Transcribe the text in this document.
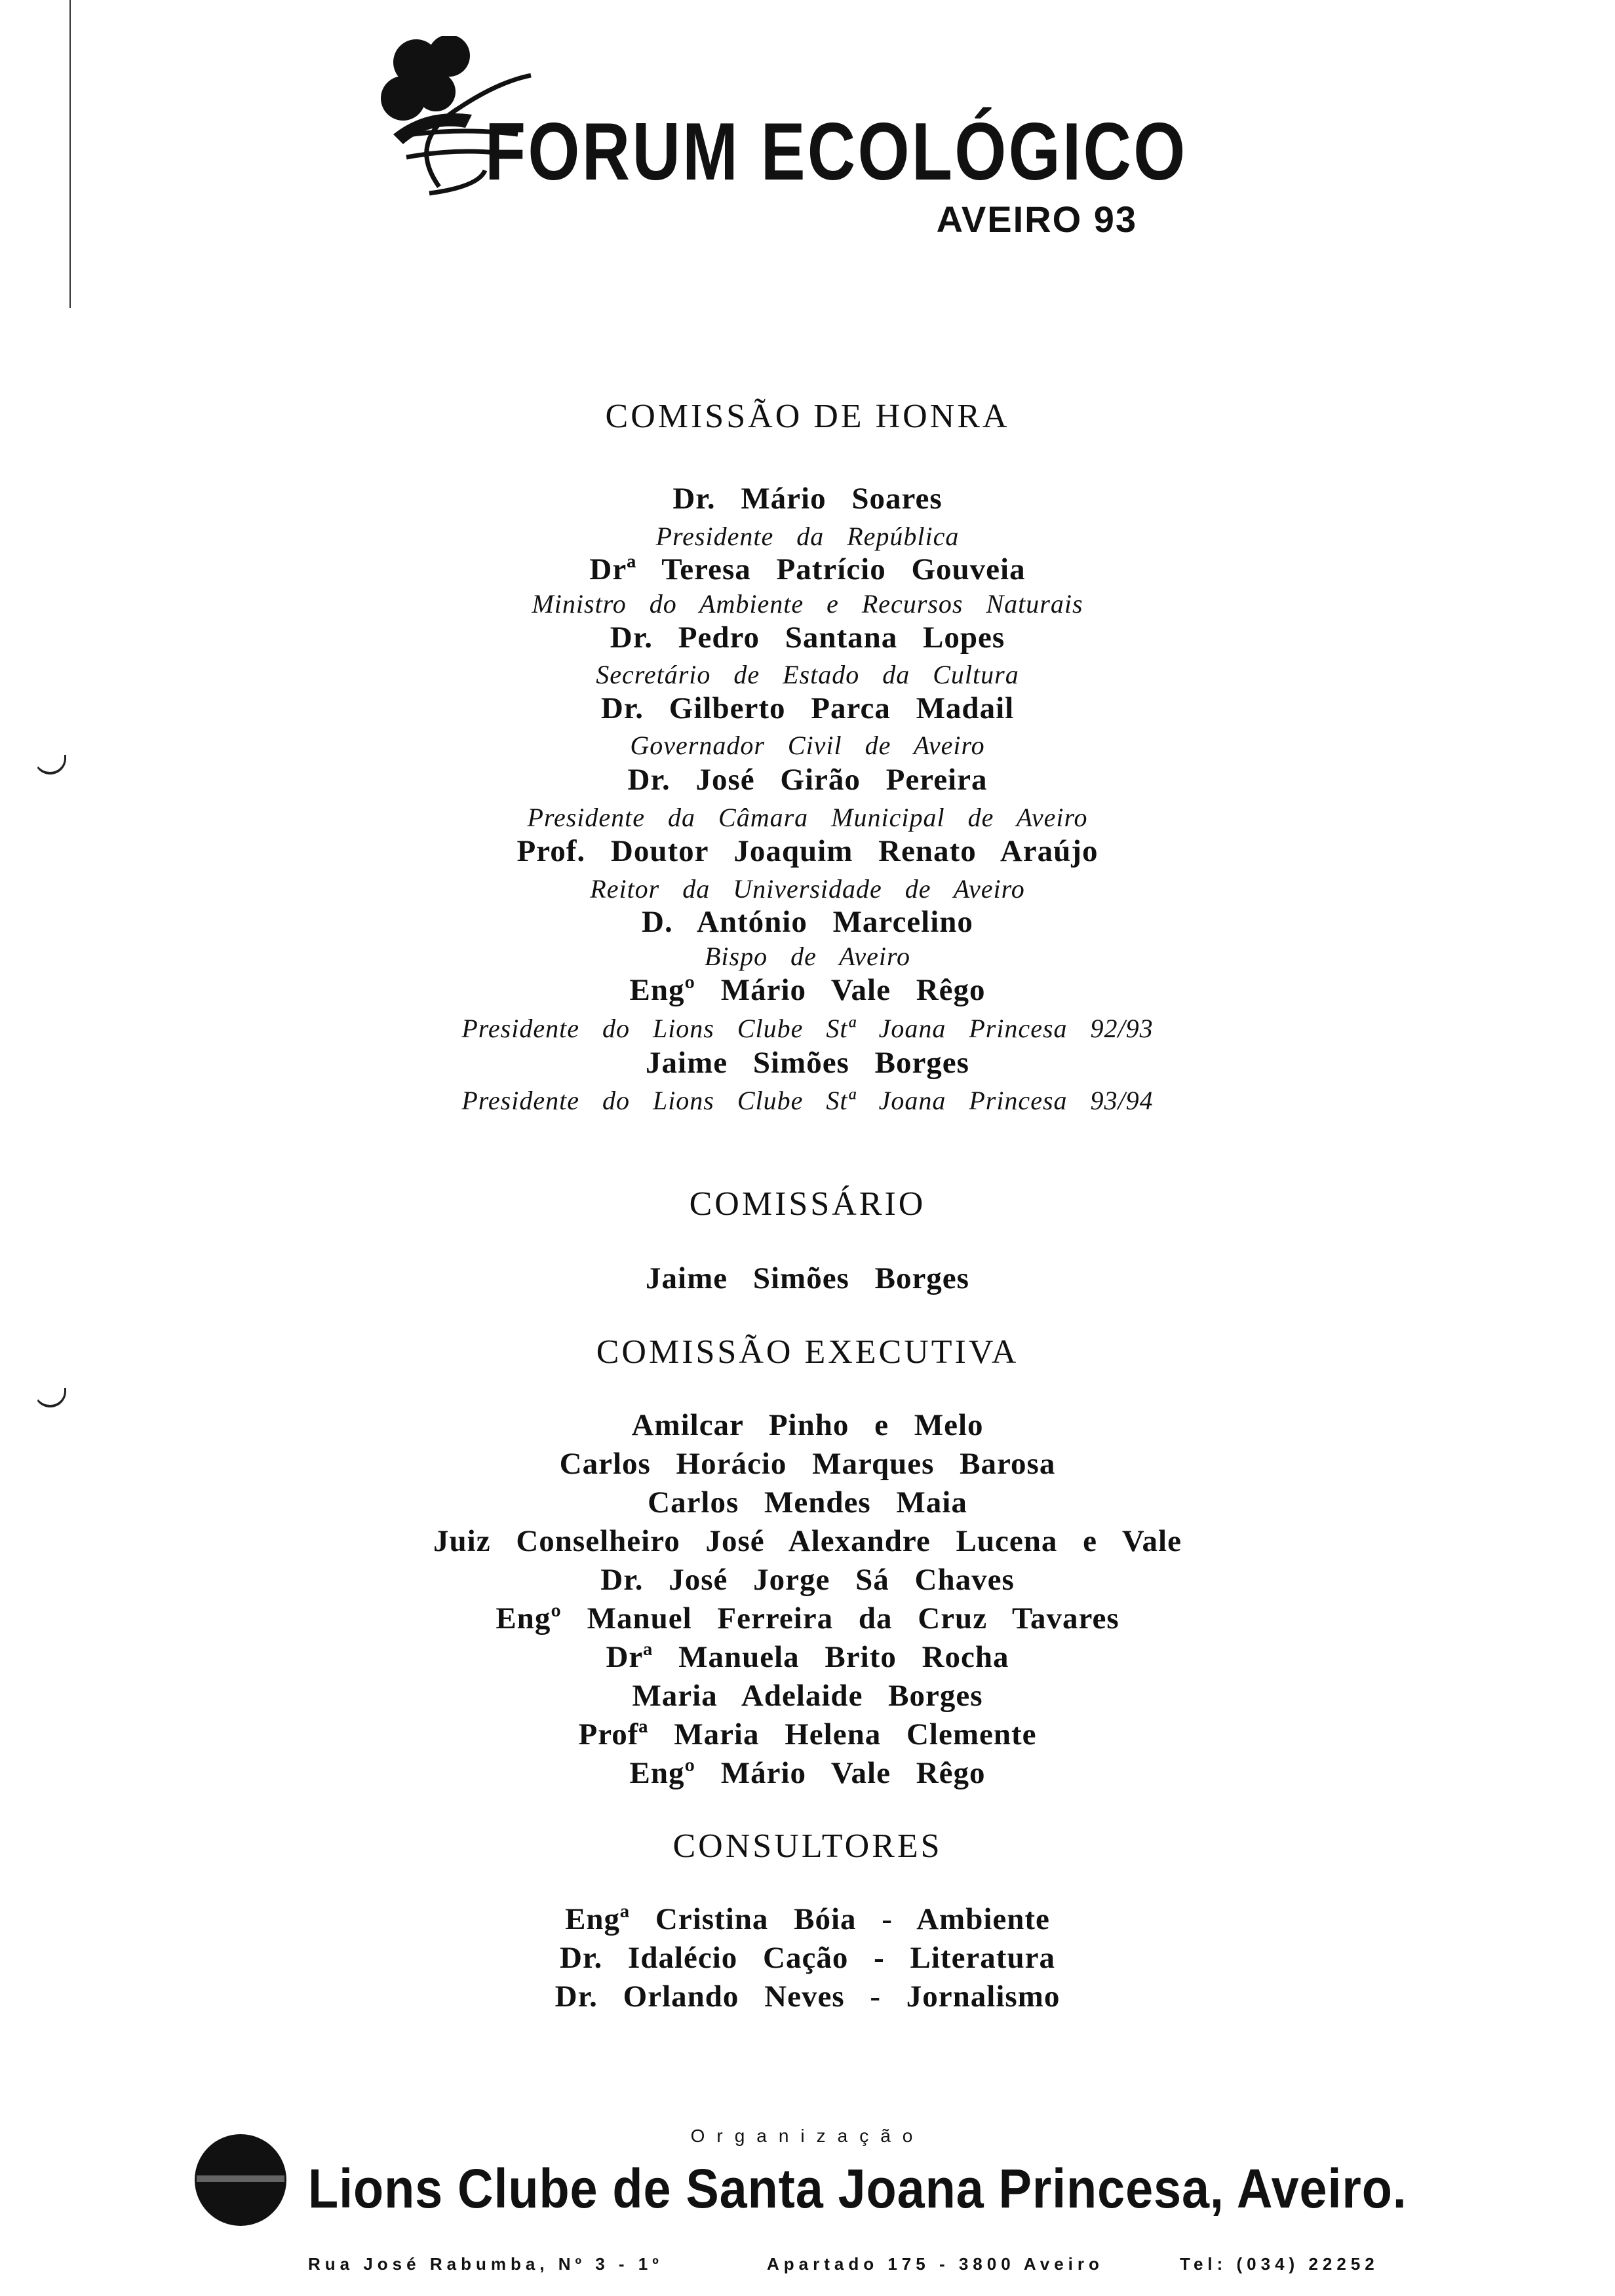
FORUM ECOLÓGICO
AVEIRO 93
COMISSÃO DE HONRA
Dr. Mário Soares
Presidente da República
Drª Teresa Patrício Gouveia
Ministro do Ambiente e Recursos Naturais
Dr. Pedro Santana Lopes
Secretário de Estado da Cultura
Dr. Gilberto Parca Madail
Governador Civil de Aveiro
Dr. José Girão Pereira
Presidente da Câmara Municipal de Aveiro
Prof. Doutor Joaquim Renato Araújo
Reitor da Universidade de Aveiro
D. António Marcelino
Bispo de Aveiro
Engº Mário Vale Rêgo
Presidente do Lions Clube Stª Joana Princesa 92/93
Jaime Simões Borges
Presidente do Lions Clube Stª Joana Princesa 93/94
COMISSÁRIO
Jaime Simões Borges
COMISSÃO EXECUTIVA
Amilcar Pinho e Melo
Carlos Horácio Marques Barosa
Carlos Mendes Maia
Juiz Conselheiro José Alexandre Lucena e Vale
Dr. José Jorge Sá Chaves
Engº Manuel Ferreira da Cruz Tavares
Drª Manuela Brito Rocha
Maria Adelaide Borges
Profª Maria Helena Clemente
Engº Mário Vale Rêgo
CONSULTORES
Engª Cristina Bóia - Ambiente
Dr. Idalécio Cação - Literatura
Dr. Orlando Neves - Jornalismo
Organização
Lions Clube de Santa Joana Princesa, Aveiro.
Rua José Rabumba, Nº 3 - 1º	Apartado 175 - 3800 Aveiro	Tel: (034) 22252
